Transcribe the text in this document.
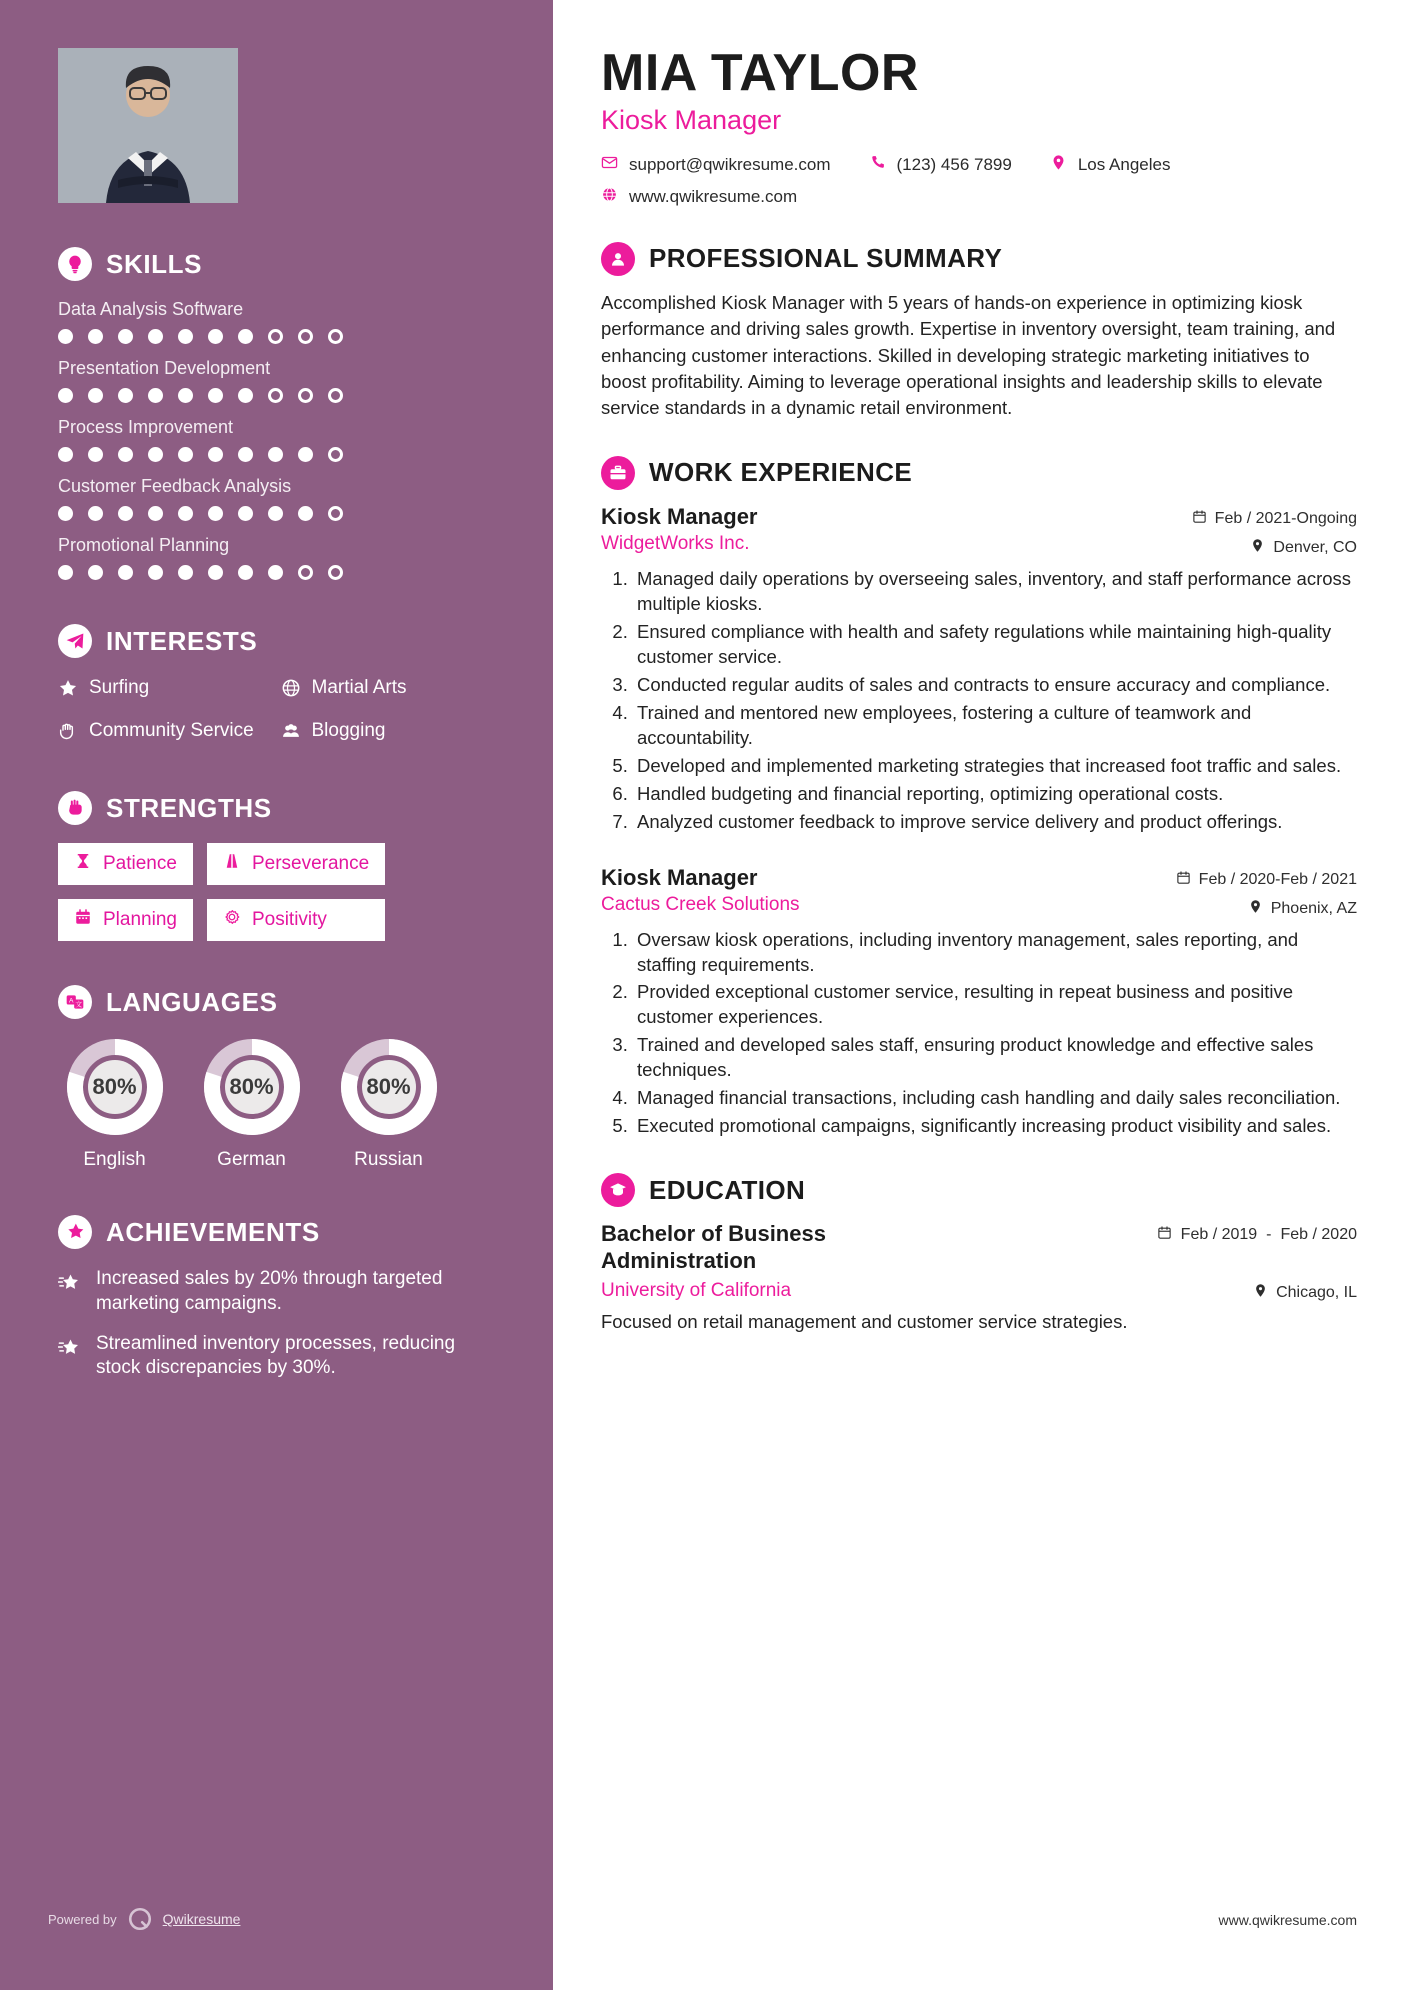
SKILLS
Data Analysis Software
Presentation Development
Process Improvement
Customer Feedback Analysis
Promotional Planning
INTERESTS
Surfing	Martial Arts
Community Service	Blogging
STRENGTHS
Patience	Perseverance
Planning	Positivity
A
文 LANGUAGES
80%
English
80%
German
80%
Russian
ACHIEVEMENTS
Increased sales by 20% through targeted marketing campaigns.
Streamlined inventory processes, reducing stock discrepancies by 30%.
Powered by	Qwikresume
MIA TAYLOR
Kiosk Manager
support@qwikresume.com	(123) 456 7899	Los Angeles
www.qwikresume.com
PROFESSIONAL SUMMARY

Accomplished Kiosk Manager with 5 years of hands-on experience in optimizing kiosk performance and driving sales growth. Expertise in inventory oversight, team training, and enhancing customer interactions. Skilled in developing strategic marketing initiatives to boost profitability. Aiming to leverage operational insights and leadership skills to elevate service standards in a dynamic retail environment.

WORK EXPERIENCE
Kiosk Manager	Feb / 2021-Ongoing
WidgetWorks Inc.	Denver, CO
1. Managed daily operations by overseeing sales, inventory, and staff performance across multiple kiosks.
2. Ensured compliance with health and safety regulations while maintaining high-quality customer service.
3. Conducted regular audits of sales and contracts to ensure accuracy and compliance.
4. Trained and mentored new employees, fostering a culture of teamwork and accountability.
5. Developed and implemented marketing strategies that increased foot traffic and sales.
6. Handled budgeting and financial reporting, optimizing operational costs.
7. Analyzed customer feedback to improve service delivery and product offerings.
Kiosk Manager	Feb / 2020-Feb / 2021
Cactus Creek Solutions	Phoenix, AZ
1. Oversaw kiosk operations, including inventory management, sales reporting, and staffing requirements.
2. Provided exceptional customer service, resulting in repeat business and positive customer experiences.
3. Trained and developed sales staff, ensuring product knowledge and effective sales techniques.
4. Managed financial transactions, including cash handling and daily sales reconciliation.
5. Executed promotional campaigns, significantly increasing product visibility and sales.
EDUCATION
Bachelor of Business Administration
Feb / 2019 - Feb / 2020
University of California	Chicago, IL

Focused on retail management and customer service strategies.

www.qwikresume.com
